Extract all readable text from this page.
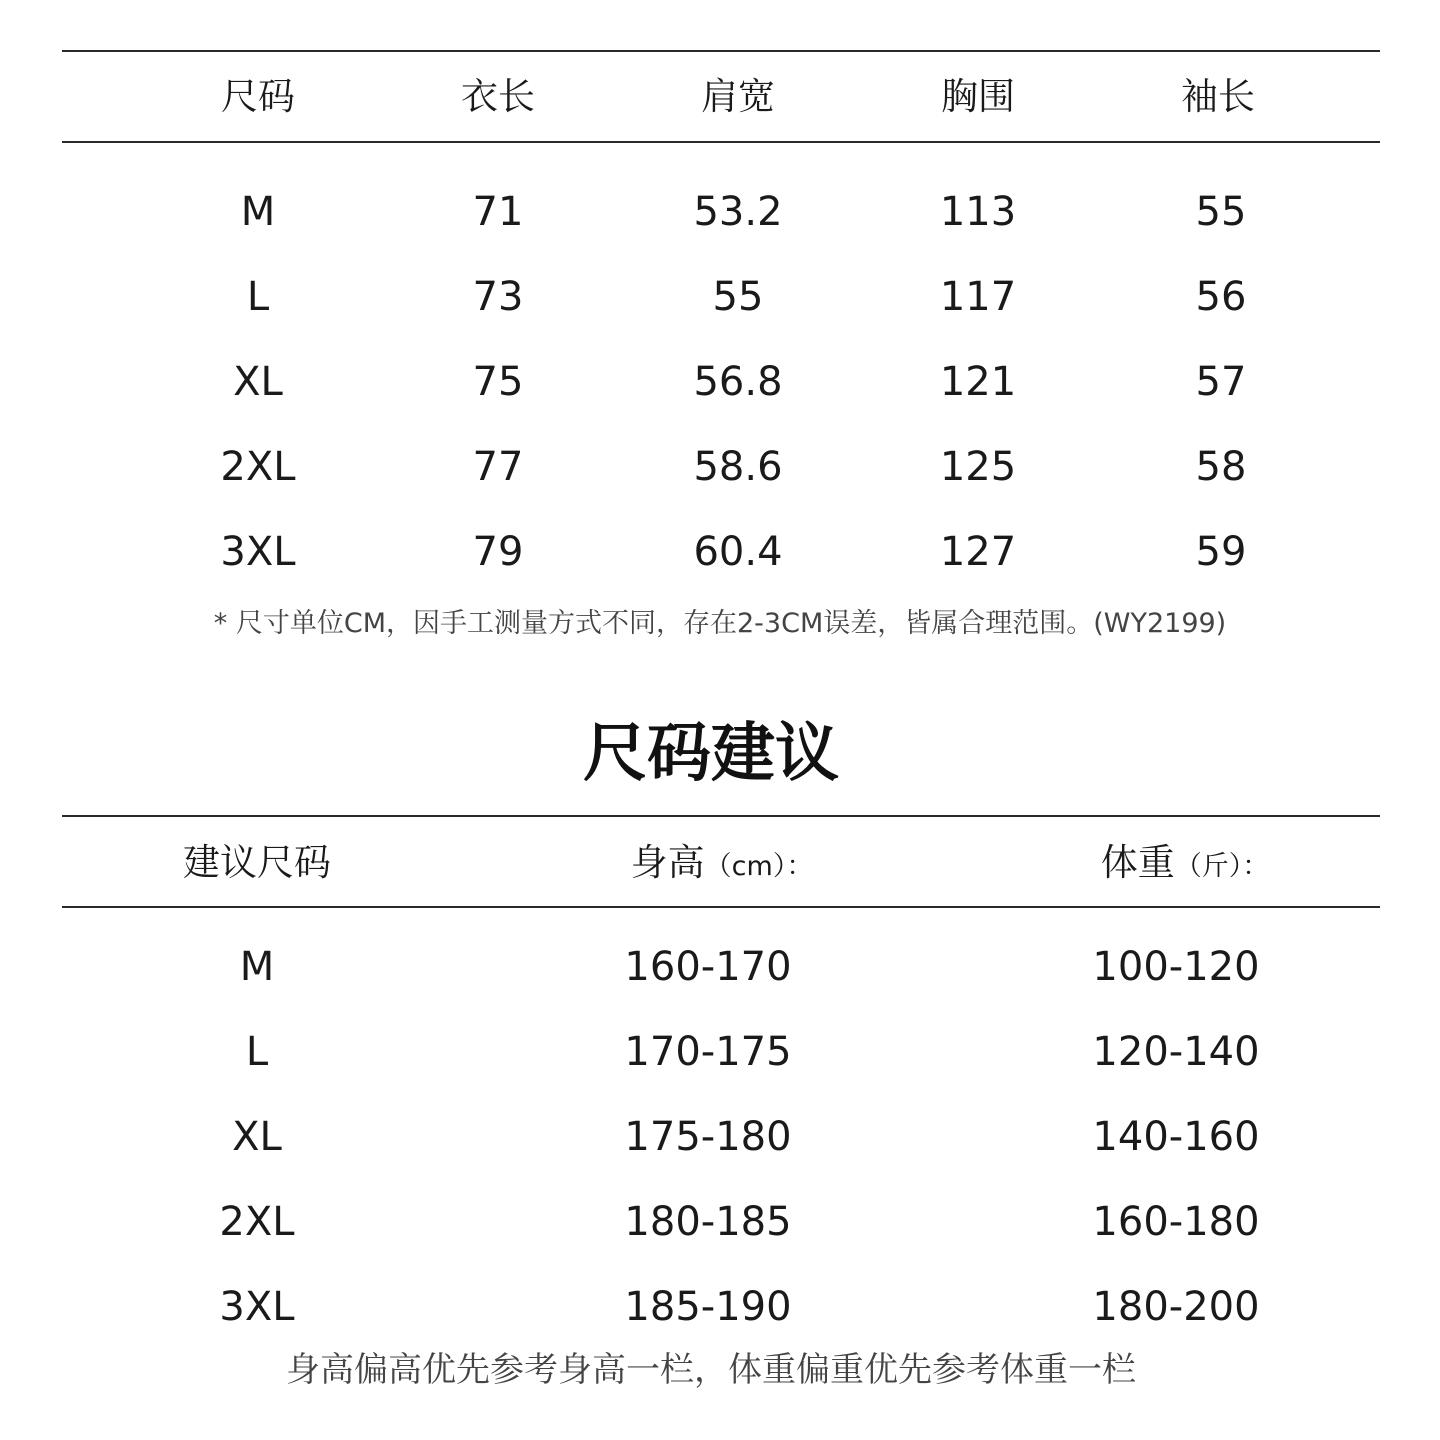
尺码	衣长	肩宽	胸围	袖长
M	71	53.2	113	55
L	73	55	117	56
XL	75	56.8	121	57
2XL	77	58.6	125	58
3XL	79	60.4	127	59
* 尺寸单位CM，因手工测量方式不同，存在2-3CM误差，皆属合理范围。(WY2199)
尺码建议
建议尺码	身高（cm）：	体重（斤）：
M	160-170	100-120
L	170-175	120-140
XL	175-180	140-160
2XL	180-185	160-180
3XL	185-190	180-200
身高偏高优先参考身高一栏，体重偏重优先参考体重一栏
